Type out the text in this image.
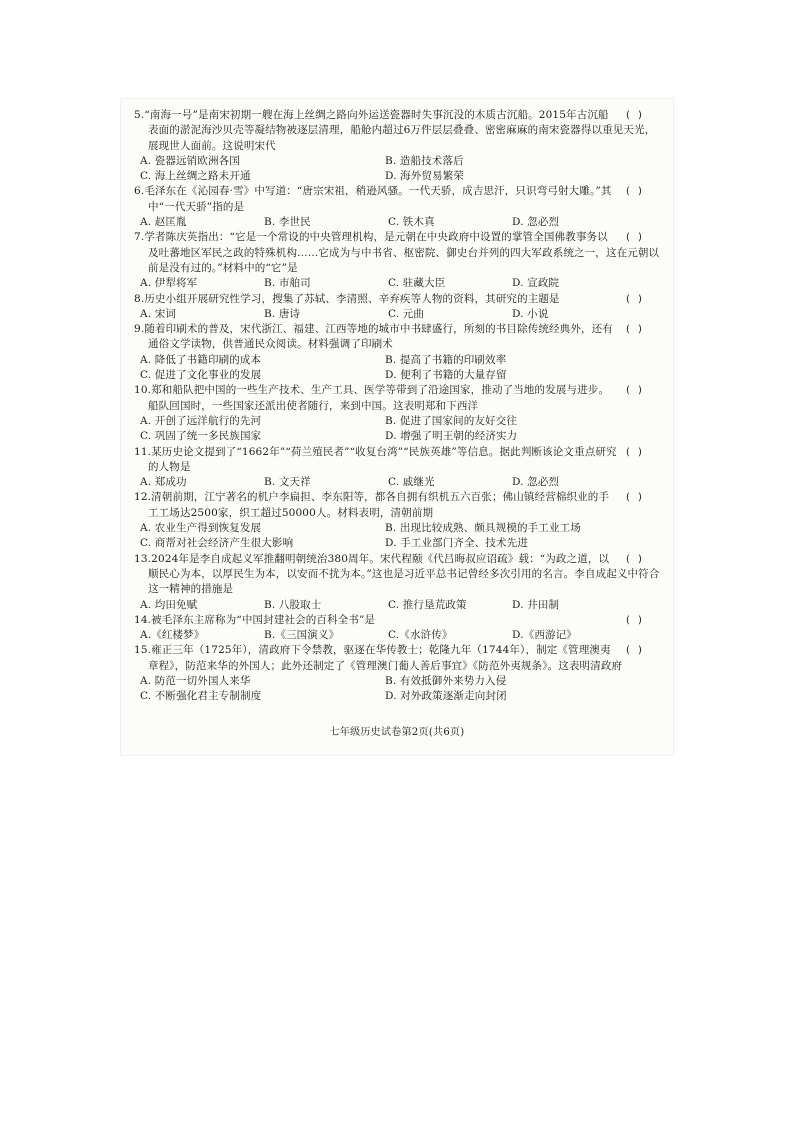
( )
5.“南海一号”是南宋初期一艘在海上丝绸之路向外运送瓷器时失事沉没的木质古沉船。2015年古沉船表面的淤泥海沙贝壳等凝结物被逐层清理，船舱内超过6万件层层叠叠、密密麻麻的南宋瓷器得以重见天光，展现世人面前。这说明宋代
A. 瓷器远销欧洲各国	B. 造船技术落后
C. 海上丝绸之路未开通	D. 海外贸易繁荣
( )
6.毛泽东在《沁园春·雪》中写道：“唐宗宋祖，稍逊风骚。一代天骄，成吉思汗，只识弯弓射大雕。”其中“一代天骄”指的是
A. 赵匡胤	B. 李世民	C. 铁木真	D. 忽必烈
( )
7.学者陈庆英指出：“它是一个常设的中央管理机构，是元朝在中央政府中设置的掌管全国佛教事务以及吐蕃地区军民之政的特殊机构……它成为与中书省、枢密院、御史台并列的四大军政系统之一，这在元朝以前是没有过的。”材料中的“它”是
A. 伊犁将军	B. 市舶司	C. 驻藏大臣	D. 宣政院
( )
8.历史小组开展研究性学习，搜集了苏轼、李清照、辛弃疾等人物的资料，其研究的主题是
A. 宋词	B. 唐诗	C. 元曲	D. 小说
( )
9.随着印刷术的普及，宋代浙江、福建、江西等地的城市中书肆盛行，所刻的书目除传统经典外，还有通俗文学读物，供普通民众阅读。材料强调了印刷术
A. 降低了书籍印刷的成本	B. 提高了书籍的印刷效率
C. 促进了文化事业的发展	D. 便利了书籍的大量存留
( )
10.郑和船队把中国的一些生产技术、生产工具、医学等带到了沿途国家，推动了当地的发展与进步。船队回国时，一些国家还派出使者随行，来到中国。这表明郑和下西洋
A. 开创了远洋航行的先河	B. 促进了国家间的友好交往
C. 巩固了统一多民族国家	D. 增强了明王朝的经济实力
( )
11.某历史论文提到了“1662年”“荷兰殖民者”“收复台湾”“民族英雄”等信息。据此判断该论文重点研究的人物是
A. 郑成功	B. 文天祥	C. 戚继光	D. 忽必烈
( )
12.清朝前期，江宁著名的机户李扁担、李东阳等，都各自拥有织机五六百张；佛山镇经营棉织业的手工工场达2500家，织工超过50000人。材料表明，清朝前期
A. 农业生产得到恢复发展	B. 出现比较成熟、颇具规模的手工业工场
C. 商帮对社会经济产生很大影响	D. 手工业部门齐全、技术先进
( )
13.2024年是李自成起义军推翻明朝统治380周年。宋代程颐《代吕晦叔应诏疏》载：“为政之道，以顺民心为本，以厚民生为本，以安而不扰为本。”这也是习近平总书记曾经多次引用的名言。李自成起义中符合这一精神的措施是
A. 均田免赋	B. 八股取士	C. 推行垦荒政策	D. 井田制
( )
14.被毛泽东主席称为“中国封建社会的百科全书”是
A.《红楼梦》	B.《三国演义》	C.《水浒传》	D.《西游记》
( )
15.雍正三年（1725年），清政府下令禁教，驱逐在华传教士；乾隆九年（1744年），制定《管理澳夷章程》，防范来华的外国人；此外还制定了《管理澳门葡人善后事宜》《防范外夷规条》。这表明清政府
A. 防范一切外国人来华	B. 有效抵御外来势力入侵
C. 不断强化君主专制制度	D. 对外政策逐渐走向封闭
七年级历史试卷第2页(共6页)
